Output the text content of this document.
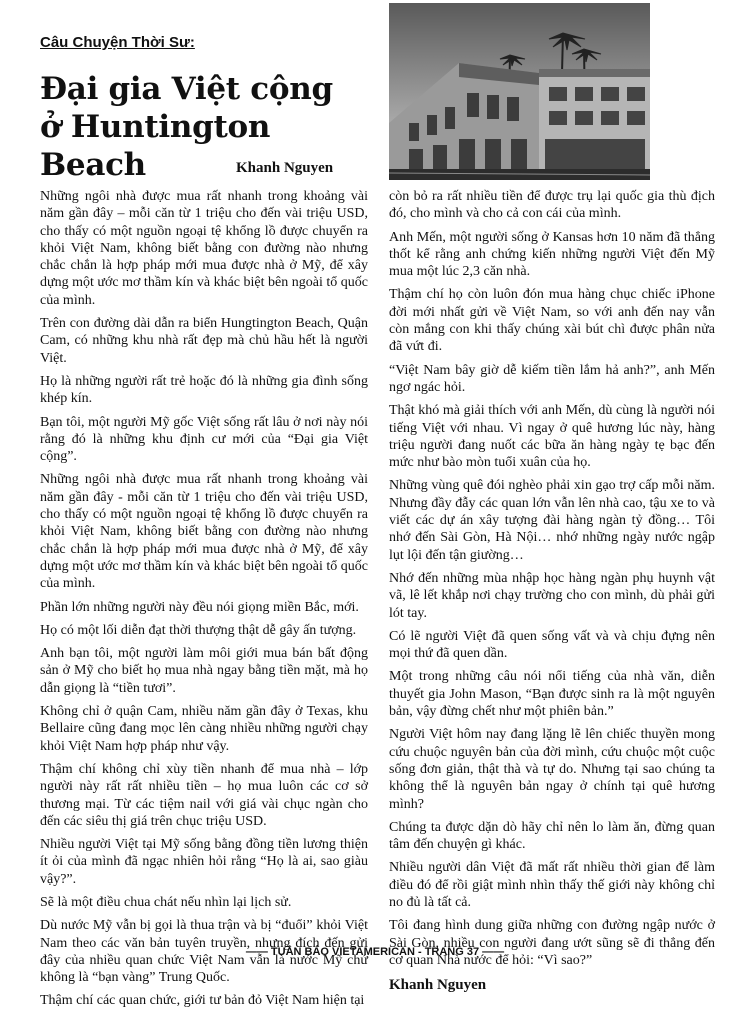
Câu Chuyện Thời Sư:
Đại gia Việt cộng
ở Huntington Beach	Khanh Nguyen

Những ngôi nhà được mua rất nhanh trong khoảng vài năm gần đây – mỗi căn từ 1 triệu cho đến vài triệu USD, cho thấy có một nguồn ngoại tệ khổng lồ được chuyển ra khỏi Việt Nam, không biết bằng con đường nào nhưng chắc chắn là hợp pháp mới mua được nhà ở Mỹ, để xây dựng một ước mơ thầm kín và khác biệt bên ngoài tổ quốc của mình.

Trên con đường dài dẫn ra biển Hungtington Beach, Quận Cam, có những khu nhà rất đẹp mà chủ hầu hết là người Việt.

Họ là những người rất trẻ hoặc đó là những gia đình sống khép kín.

Bạn tôi, một người Mỹ gốc Việt sống rất lâu ở nơi này nói rằng đó là những khu định cư mới của “Đại gia Việt cộng”.

Những ngôi nhà được mua rất nhanh trong khoảng vài năm gần đây - mỗi căn từ 1 triệu cho đến vài triệu USD, cho thấy có một nguồn ngoại tệ khổng lồ được chuyển ra khỏi Việt Nam, không biết bằng con đường nào nhưng chắc chắn là hợp pháp mới mua được nhà ở Mỹ, để xây dựng một ước mơ thầm kín và khác biệt bên ngoài tổ quốc của mình.

Phần lớn những người này đều nói giọng miền Bắc, mới.

Họ có một lối diễn đạt thời thượng thật dễ gây ấn tượng.

Anh bạn tôi, một người làm môi giới mua bán bất động sản ở Mỹ cho biết họ mua nhà ngay bằng tiền mặt, mà họ dẫn giọng là “tiền tươi”.

Không chỉ ở quận Cam, nhiều năm gần đây ở Texas, khu Bellaire cũng đang mọc lên càng nhiều những người chạy khỏi Việt Nam hợp pháp như vậy.

Thậm chí không chỉ xùy tiền nhanh để mua nhà – lớp người này rất rất nhiều tiền – họ mua luôn các cơ sở thương mại. Từ các tiệm nail với giá vài chục ngàn cho đến các siêu thị giá trên chục triệu USD.

Nhiều người Việt tại Mỹ sống bằng đồng tiền lương thiện ít ỏi của mình đã ngạc nhiên hỏi rằng “Họ là ai, sao giàu vậy?”.

Sẽ là một điều chua chát nếu nhìn lại lịch sử.

Dù nước Mỹ vẫn bị gọi là thua trận và bị “đuổi” khỏi Việt Nam theo các văn bản tuyên truyền, nhưng đích đến gửi đây của nhiều quan chức Việt Nam vẫn là nước Mỹ chứ không là “bạn vàng” Trung Quốc.

Thậm chí các quan chức, giới tư bản đỏ Việt Nam hiện tại

còn bỏ ra rất nhiều tiền để được trụ lại quốc gia thù địch đó, cho mình và cho cả con cái của mình.

Anh Mến, một người sống ở Kansas hơn 10 năm đã thẳng thốt kể rằng anh chứng kiến những người Việt đến Mỹ mua một lúc 2,3 căn nhà.

Thậm chí họ còn luôn đón mua hàng chục chiếc iPhone đời mới nhất gửi về Việt Nam, so với anh đến nay vẫn còn mắng con khi thấy chúng xài bút chì được phân nửa đã vứt đi.

“Việt Nam bây giờ dễ kiếm tiền lắm hả anh?”, anh Mến ngơ ngác hỏi.

Thật khó mà giải thích với anh Mến, dù cùng là người nói tiếng Việt với nhau. Vì ngay ở quê hương lúc này, hàng triệu người đang nuốt các bữa ăn hàng ngày tẹ bạc đến mức như bào mòn tuổi xuân của họ.

Những vùng quê đói nghèo phải xin gạo trợ cấp mỗi năm. Nhưng đầy đẫy các quan lớn vẫn lên nhà cao, tậu xe to và viết các dự án xây tượng đài hàng ngàn tỷ đồng… Tôi nhớ đến Sài Gòn, Hà Nội… nhớ những ngày nước ngập lụt lội đến tận giường…

Nhớ đến những mùa nhập học hàng ngàn phụ huynh vật vã, lê lết khắp nơi chạy trường cho con mình, dù phải gửi lót tay.

Có lẽ người Việt đã quen sống vất và và chịu đựng nên mọi thứ đã quen dần.

Một trong những câu nói nổi tiếng của nhà văn, diễn thuyết gia John Mason, “Bạn được sinh ra là một nguyên bản, vậy đừng chết như một phiên bản.”

Người Việt hôm nay đang lặng lẽ lên chiếc thuyền mong cứu chuộc nguyên bản của đời mình, cứu chuộc một cuộc sống đơn giản, thật thà và tự do. Nhưng tại sao chúng ta không thể là nguyên bản ngay ở chính tại quê hương mình?

Chúng ta được dặn dò hãy chỉ nên lo làm ăn, đừng quan tâm đến chuyện gì khác.

Nhiều người dân Việt đã mất rất nhiều thời gian để làm điều đó để rồi giật mình nhìn thấy thế giới này không chỉ no đủ là tất cả.

Tôi đang hình dung giữa những con đường ngập nước ở Sài Gòn, nhiều con người đang ướt sũng sẽ đi thẳng đến cơ quan Nhà nước để hỏi: “Vì sao?”

Khanh Nguyen

—— TUẦN BÁO VIETAMERICAN - TRANG 37 ——
